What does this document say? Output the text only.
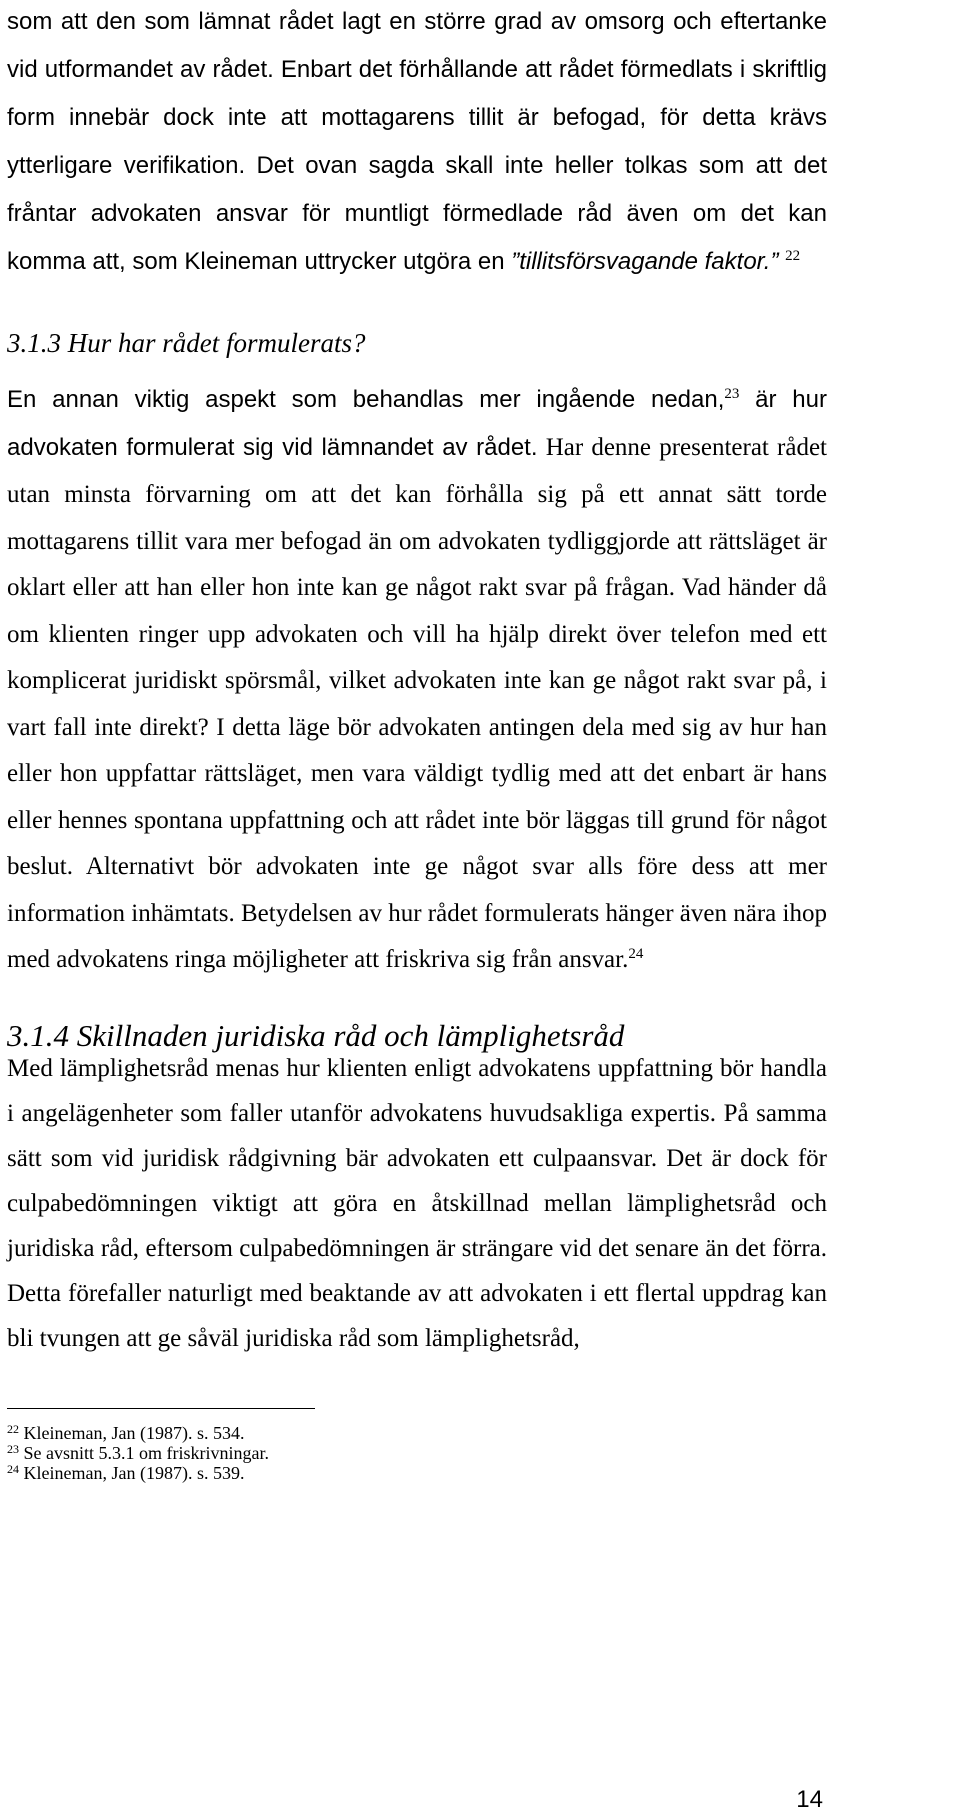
som att den som lämnat rådet lagt en större grad av omsorg och eftertanke vid utformandet av rådet. Enbart det förhållande att rådet förmedlats i skriftlig form innebär dock inte att mottagarens tillit är befogad, för detta krävs ytterligare verifikation. Det ovan sagda skall inte heller tolkas som att det fråntar advokaten ansvar för muntligt förmedlade råd även om det kan komma att, som Kleineman uttrycker utgöra en ”tillitsförsvagande faktor.” $^{22}$
3.1.3 Hur har rådet formulerats?
En annan viktig aspekt som behandlas mer ingående nedan,$^{23}$ är hur advokaten formulerat sig vid lämnandet av rådet. Har denne presenterat rådet utan minsta förvarning om att det kan förhålla sig på ett annat sätt torde mottagarens tillit vara mer befogad än om advokaten tydliggjorde att rättsläget är oklart eller att han eller hon inte kan ge något rakt svar på frågan. Vad händer då om klienten ringer upp advokaten och vill ha hjälp direkt över telefon med ett komplicerat juridiskt spörsmål, vilket advokaten inte kan ge något rakt svar på, i vart fall inte direkt? I detta läge bör advokaten antingen dela med sig av hur han eller hon uppfattar rättsläget, men vara väldigt tydlig med att det enbart är hans eller hennes spontana uppfattning och att rådet inte bör läggas till grund för något beslut. Alternativt bör advokaten inte ge något svar alls före dess att mer information inhämtats. Betydelsen av hur rådet formulerats hänger även nära ihop med advokatens ringa möjligheter att friskriva sig från ansvar.$^{24}$
3.1.4 Skillnaden juridiska råd och lämplighetsråd
Med lämplighetsråd menas hur klienten enligt advokatens uppfattning bör handla i angelägenheter som faller utanför advokatens huvudsakliga expertis. På samma sätt som vid juridisk rådgivning bär advokaten ett culpaansvar. Det är dock för culpabedömningen viktigt att göra en åtskillnad mellan lämplighetsråd och juridiska råd, eftersom culpabedömningen är strängare vid det senare än det förra. Detta förefaller naturligt med beaktande av att advokaten i ett flertal uppdrag kan bli tvungen att ge såväl juridiska råd som lämplighetsråd,
$^{22}$ Kleineman, Jan (1987). s. 534.
$^{23}$ Se avsnitt 5.3.1 om friskrivningar.
$^{24}$ Kleineman, Jan (1987). s. 539.
14
